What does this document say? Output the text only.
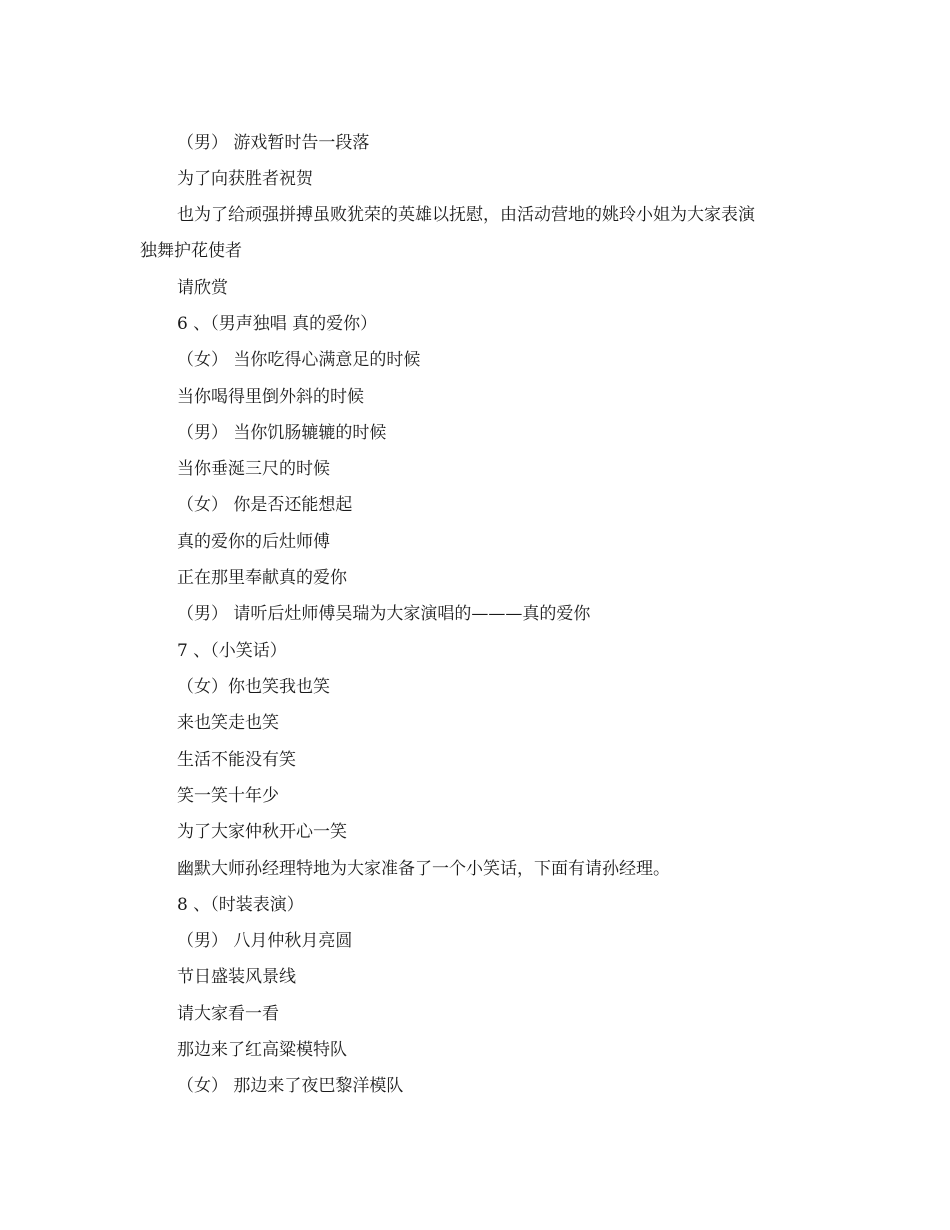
（男） 游戏暂时告一段落
为了向获胜者祝贺
也为了给顽强拼搏虽败犹荣的英雄以抚慰，由活动营地的姚玲小姐为大家表演
独舞护花使者
请欣赏
6 、（男声独唱 真的爱你）
（女） 当你吃得心满意足的时候
当你喝得里倒外斜的时候
（男） 当你饥肠辘辘的时候
当你垂涎三尺的时候
（女） 你是否还能想起
真的爱你的后灶师傅
正在那里奉献真的爱你
（男） 请听后灶师傅吴瑞为大家演唱的———真的爱你
7 、（小笑话）
（女）你也笑我也笑
来也笑走也笑
生活不能没有笑
笑一笑十年少
为了大家仲秋开心一笑
幽默大师孙经理特地为大家准备了一个小笑话，下面有请孙经理。
8 、（时装表演）
（男） 八月仲秋月亮圆
节日盛装风景线
请大家看一看
那边来了红高粱模特队
（女） 那边来了夜巴黎洋模队
